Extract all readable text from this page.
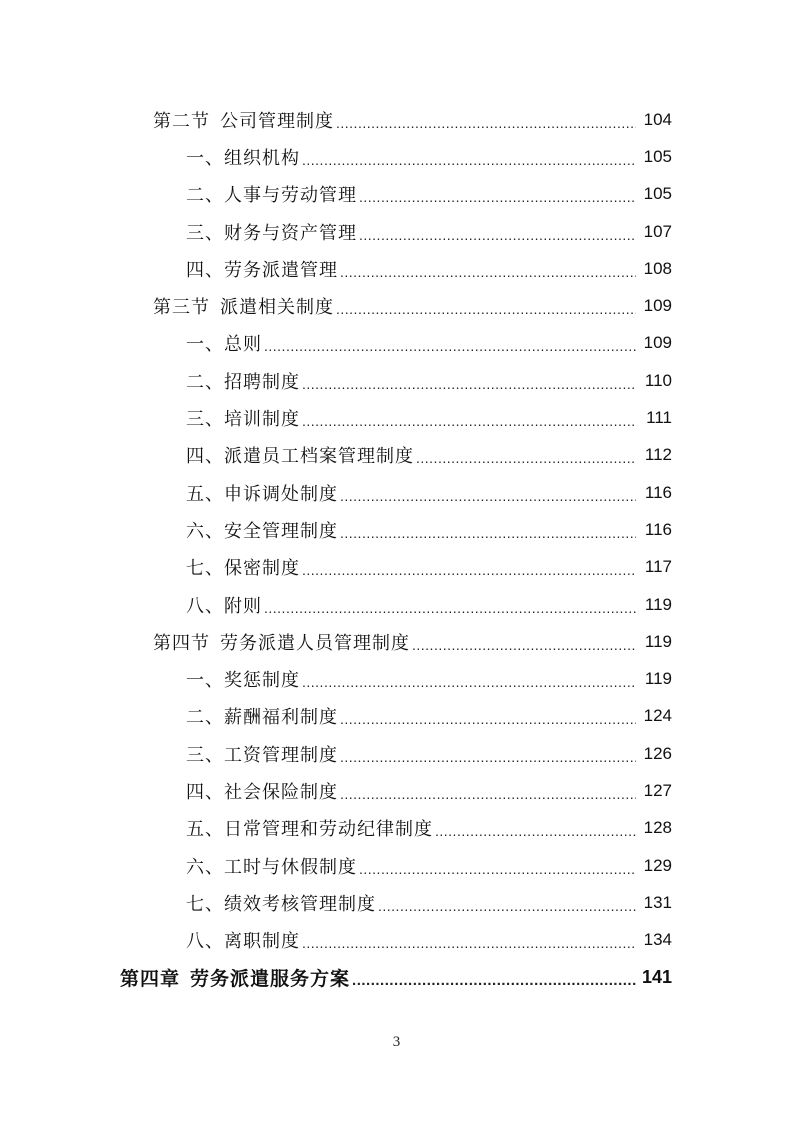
第二节 公司管理制度 .....	104
一、组织机构 .....	105
二、人事与劳动管理 .....	105
三、财务与资产管理 .....	107
四、劳务派遣管理 .....	108
第三节 派遣相关制度 .....	109
一、总则 .....	109
二、招聘制度 .....	110
三、培训制度 .....	111
四、派遣员工档案管理制度 .....	112
五、申诉调处制度 .....	116
六、安全管理制度 .....	116
七、保密制度 .....	117
八、附则 .....	119
第四节 劳务派遣人员管理制度 .....	119
一、奖惩制度 .....	119
二、薪酬福利制度 .....	124
三、工资管理制度 .....	126
四、社会保险制度 .....	127
五、日常管理和劳动纪律制度 .....	128
六、工时与休假制度 .....	129
七、绩效考核管理制度 .....	131
八、离职制度 .....	134
第四章 劳务派遣服务方案 .....	141
3
